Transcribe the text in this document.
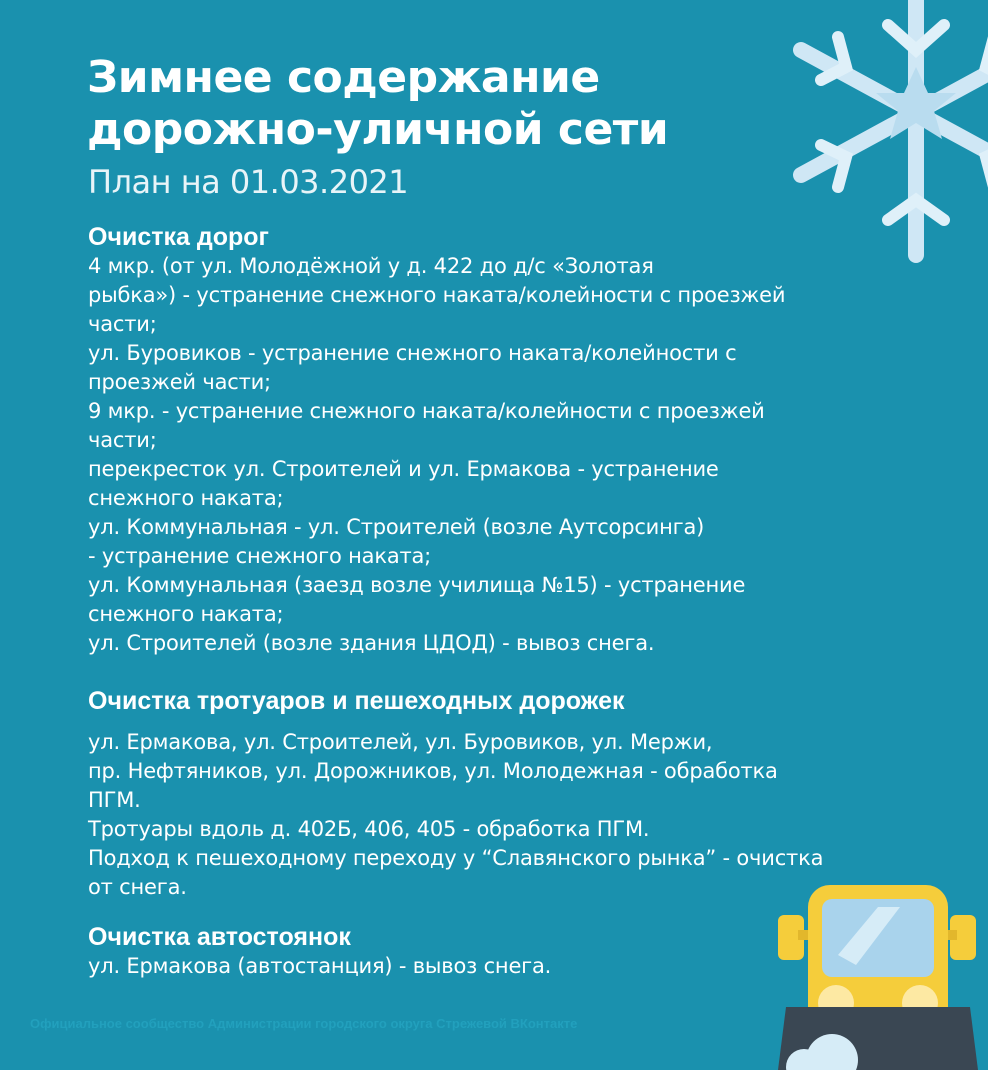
Зимнее содержание
дорожно-уличной сети
План на 01.03.2021
Очистка дорог

4 мкр. (от ул. Молодёжной у д. 422 до д/с «Золотая
рыбка») - устранение снежного наката/колейности с проезжей
части;
ул. Буровиков - устранение снежного наката/колейности с
проезжей части;
9 мкр. - устранение снежного наката/колейности с проезжей
части;
перекресток ул. Строителей и ул. Ермакова - устранение
снежного наката;
ул. Коммунальная - ул. Строителей (возле Аутсорсинга)
- устранение снежного наката;
ул. Коммунальная (заезд возле училища №15) - устранение
снежного наката;
ул. Строителей (возле здания ЦДОД) - вывоз снега.

Очистка тротуаров и пешеходных дорожек

ул. Ермакова, ул. Строителей, ул. Буровиков, ул. Мержи,
пр. Нефтяников, ул. Дорожников, ул. Молодежная - обработка
ПГМ.
Тротуары вдоль д. 402Б, 406, 405 - обработка ПГМ.
Подход к пешеходному переходу у “Славянского рынка” - очистка
от снега.

Очистка автостоянок

ул. Ермакова (автостанция) - вывоз снега.

Официальное сообщество Администрации городского округа Стрежевой ВКонтакте
